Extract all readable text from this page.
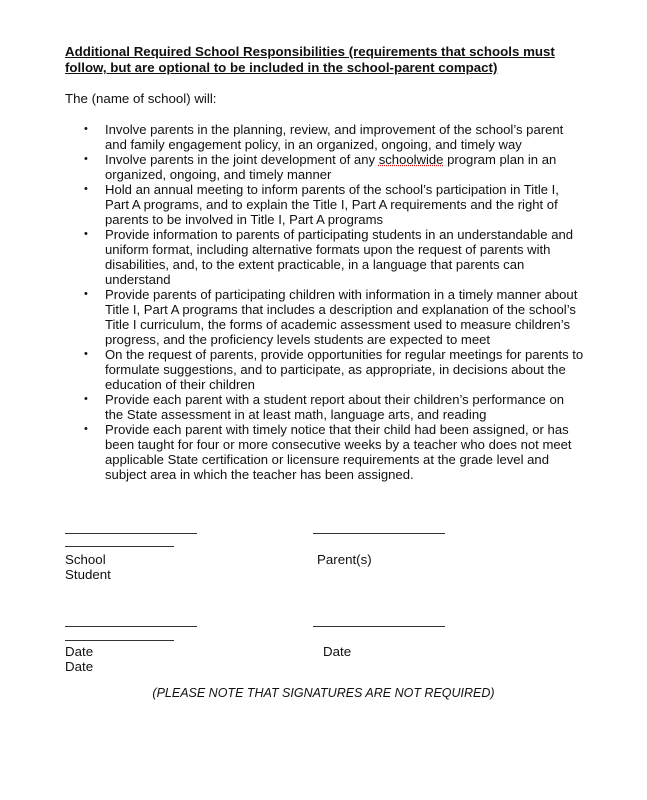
Additional Required School Responsibilities (requirements that schools must
follow, but are optional to be included in the school-parent compact)
The (name of school) will:
• Involve parents in the planning, review, and improvement of the school’s parent and family engagement policy, in an organized, ongoing, and timely way
• Involve parents in the joint development of any schoolwide program plan in an organized, ongoing, and timely manner
• Hold an annual meeting to inform parents of the school’s participation in Title I, Part A programs, and to explain the Title I, Part A requirements and the right of parents to be involved in Title I, Part A programs
• Provide information to parents of participating students in an understandable and uniform format, including alternative formats upon the request of parents with disabilities, and, to the extent practicable, in a language that parents can understand
• Provide parents of participating children with information in a timely manner about Title I, Part A programs that includes a description and explanation of the school’s Title I curriculum, the forms of academic assessment used to measure children’s progress, and the proficiency levels students are expected to meet
• On the request of parents, provide opportunities for regular meetings for parents to formulate suggestions, and to participate, as appropriate, in decisions about the education of their children
• Provide each parent with a student report about their children’s performance on the State assessment in at least math, language arts, and reading
• Provide each parent with timely notice that their child had been assigned, or has been taught for four or more consecutive weeks by a teacher who does not meet applicable State certification or licensure requirements at the grade level and subject area in which the teacher has been assigned.
School
Student
Parent(s)
Date
Date
Date
(PLEASE NOTE THAT SIGNATURES ARE NOT REQUIRED)
